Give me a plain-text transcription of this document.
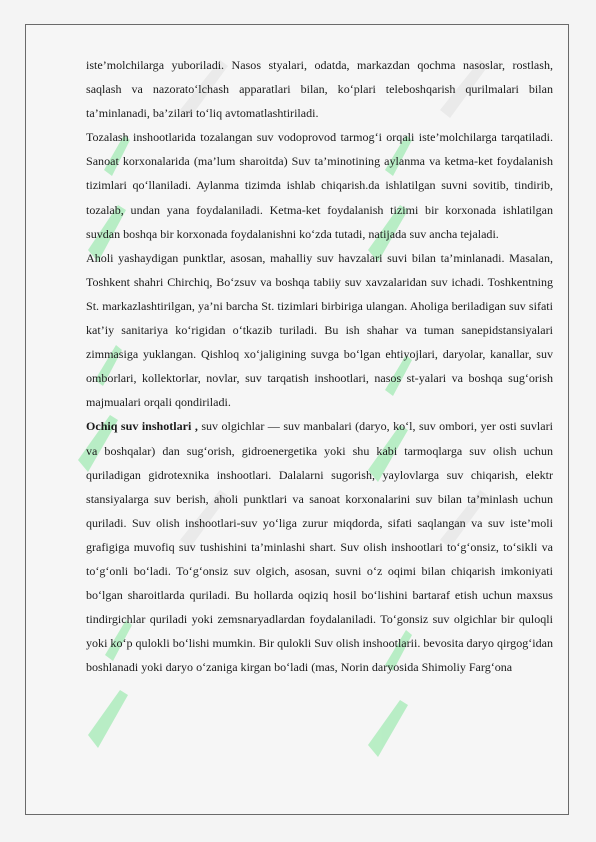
iste’molchilarga yuboriladi. Nasos styalari, odatda, markazdan qochma nasoslar, rostlash, saqlash va nazorato‘lchash apparatlari bilan, ko‘plari teleboshqarish qurilmalari bilan ta’minlanadi, ba’zilari to‘liq avtomatlashtiriladi.

Tozalash inshootlarida tozalangan suv vodoprovod tarmog‘i orqali iste’molchilarga tarqatiladi. Sanoat korxonalarida (ma’lum sharoitda) Suv ta’minotining aylanma va ketma-ket foydalanish tizimlari qo‘llaniladi. Aylanma tizimda ishlab chiqarish.da ishlatilgan suvni sovitib, tindirib, tozalab, undan yana foydalaniladi. Ketma-ket foydalanish tizimi bir korxonada ishlatilgan suvdan boshqa bir korxonada foydalanishni ko‘zda tutadi, natijada suv ancha tejaladi.

Aholi yashaydigan punktlar, asosan, mahalliy suv havzalari suvi bilan ta’minlanadi. Masalan, Toshkent shahri Chirchiq, Bo‘zsuv va boshqa tabiiy suv xavzalaridan suv ichadi. Toshkentning St. markazlashtirilgan, ya’ni barcha St. tizimlari birbiriga ulangan. Aholiga beriladigan suv sifati kat’iy sanitariya ko‘rigidan o‘tkazib turiladi. Bu ish shahar va tuman sanepidstansiyalari zimmasiga yuklangan. Qishloq xo‘jaligining suvga bo‘lgan ehtiyojlari, daryolar, kanallar, suv omborlari, kollektorlar, novlar, suv tarqatish inshootlari, nasos st-yalari va boshqa sug‘orish majmualari orqali qondiriladi.

Ochiq suv inshotlari , suv olgichlar — suv manbalari (daryo, ko‘l, suv ombori, yer osti suvlari va boshqalar) dan sug‘orish, gidroenergetika yoki shu kabi tarmoqlarga suv olish uchun quriladigan gidrotexnika inshootlari. Dalalarni sugorish, yaylovlarga suv chiqarish, elektr stansiyalarga suv berish, aholi punktlari va sanoat korxonalarini suv bilan ta’minlash uchun quriladi. Suv olish inshootlari-suv yo‘liga zurur miqdorda, sifati saqlangan va suv iste’moli grafigiga muvofiq suv tushishini ta’minlashi shart. Suv olish inshootlari to‘g‘onsiz, to‘sikli va to‘g‘onli bo‘ladi. To‘g‘onsiz suv olgich, asosan, suvni o‘z oqimi bilan chiqarish imkoniyati bo‘lgan sharoitlarda quriladi. Bu hollarda oqiziq hosil bo‘lishini bartaraf etish uchun maxsus tindirgichlar quriladi yoki zemsnaryadlardan foydalaniladi. To‘gonsiz suv olgichlar bir quloqli yoki ko‘p qulokli bo‘lishi mumkin. Bir qulokli Suv olish inshootlarii. bevosita daryo qirgog‘idan boshlanadi yoki daryo o‘zaniga kirgan bo‘ladi (mas, Norin daryosida Shimoliy Farg‘ona
